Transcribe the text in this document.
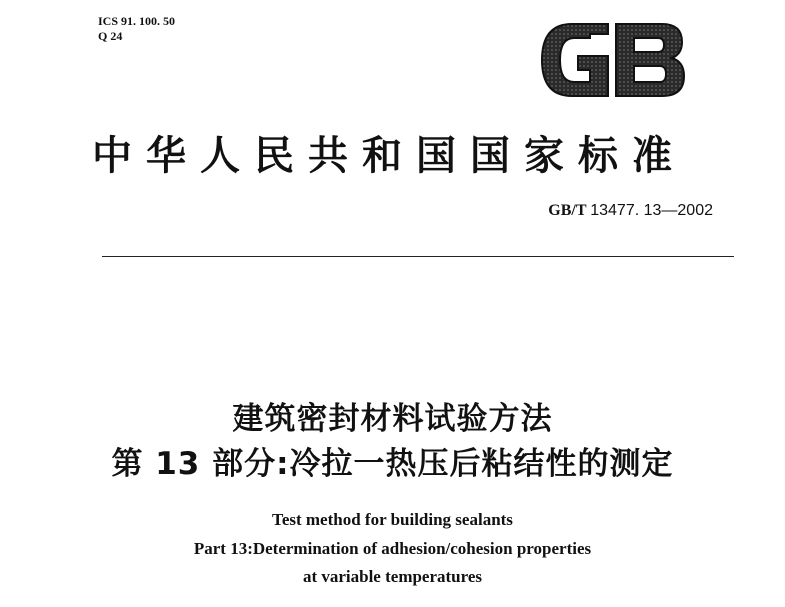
ICS 91. 100. 50
Q 24
中华人民共和国国家标准
GB/T 13477. 13—2002
建筑密封材料试验方法
第 13 部分:冷拉一热压后粘结性的测定
Test method for building sealants
Part 13:Determination of adhesion/cohesion properties
at variable temperatures
